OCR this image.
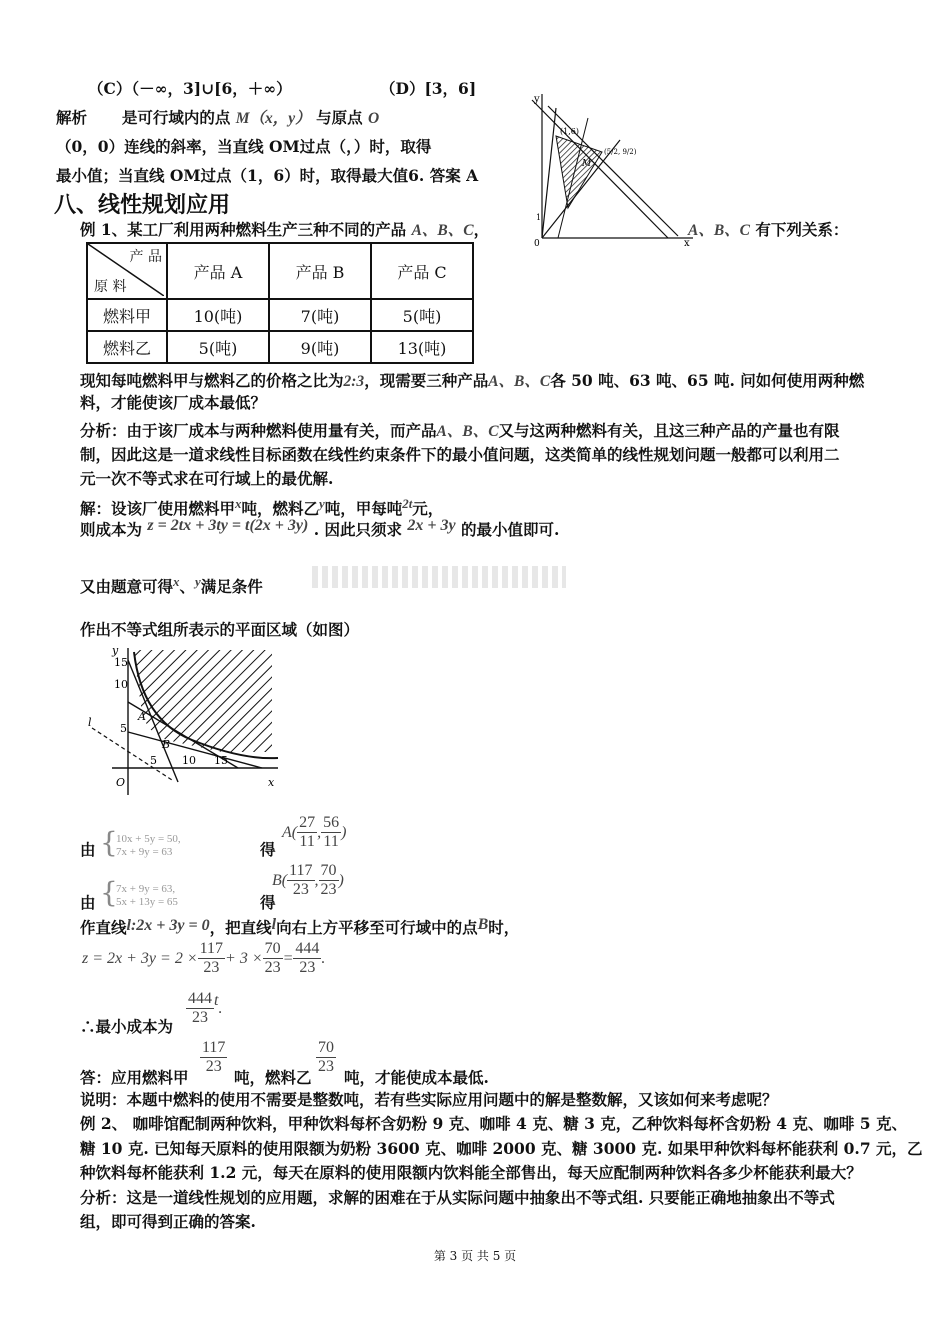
（C）（－∞，3]∪[6，＋∞）	（D）[3，6]
解析 是可行域内的点 M（x，y） 与原点 O
（0，0）连线的斜率，当直线 OM过点（，）时，取得
最小值；当直线 OM过点（1，6）时，取得最大值6. 答案 A
y
x
0
(1,6)
M
(5/2, 9/2)
1
八、线性规划应用
例 1、某工厂利用两种燃料生产三种不同的产品 A、B、C，	A、B、C 有下列关系：
产 品
原 料	产品 A	产品 B	产品 C
燃料甲	10(吨)	7(吨)	5(吨)
燃料乙	5(吨)	9(吨)	13(吨)
现知每吨燃料甲与燃料乙的价格之比为2:3，现需要三种产品A、B、C各 50 吨、63 吨、65 吨. 问如何使用两种燃
料，才能使该厂成本最低？
分析：由于该厂成本与两种燃料使用量有关，而产品A、B、C又与这两种燃料有关，且这三种产品的产量也有限
制，因此这是一道求线性目标函数在线性约束条件下的最小值问题，这类简单的线性规划问题一般都可以利用二
元一次不等式求在可行域上的最优解.
解：设该厂使用燃料甲$^x$吨，燃料乙$^y$吨，甲每吨$^{2t}$元，
则成本为 z = 2tx + 3ty = t(2x + 3y) . 因此只须求 2x + 3y 的最小值即可.
又由题意可得$^x$、$^y$满足条件
作出不等式组所表示的平面区域（如图）
y
x
O
15
10
5
5 10 15
A
B
l
由 {
10x + 5y = 50,
7x + 9y = 63	得
$A( \frac{27}{11}$ , $\frac{56}{11}$ )
由 {
7x + 9y = 63,
5x + 13y = 65	得
$B( \frac{117}{23}$ , $\frac{70}{23}$ )
作直线l:2x + 3y = 0，把直线l向右上方平移至可行域中的点B时，
$z = 2x + 3y = 2 \times \frac{117}{23} + 3 \times \frac{70}{23} = \frac{444}{23}$ .
∴最小成本为 $\frac{444}{23} t$.
答：应用燃料甲
$\frac{117}{23}$
吨，燃料乙
$\frac{70}{23}$
吨，才能使成本最低.
说明：本题中燃料的使用不需要是整数吨，若有些实际应用问题中的解是整数解，又该如何来考虑呢？
例 2、 咖啡馆配制两种饮料，甲种饮料每杯含奶粉 9 克、咖啡 4 克、糖 3 克，乙种饮料每杯含奶粉 4 克、咖啡 5 克、
糖 10 克. 已知每天原料的使用限额为奶粉 3600 克、咖啡 2000 克、糖 3000 克. 如果甲种饮料每杯能获利 0.7 元，乙
种饮料每杯能获利 1.2 元，每天在原料的使用限额内饮料能全部售出，每天应配制两种饮料各多少杯能获利最大？
分析：这是一道线性规划的应用题，求解的困难在于从实际问题中抽象出不等式组. 只要能正确地抽象出不等式
组，即可得到正确的答案.
第 3 页 共 5 页
